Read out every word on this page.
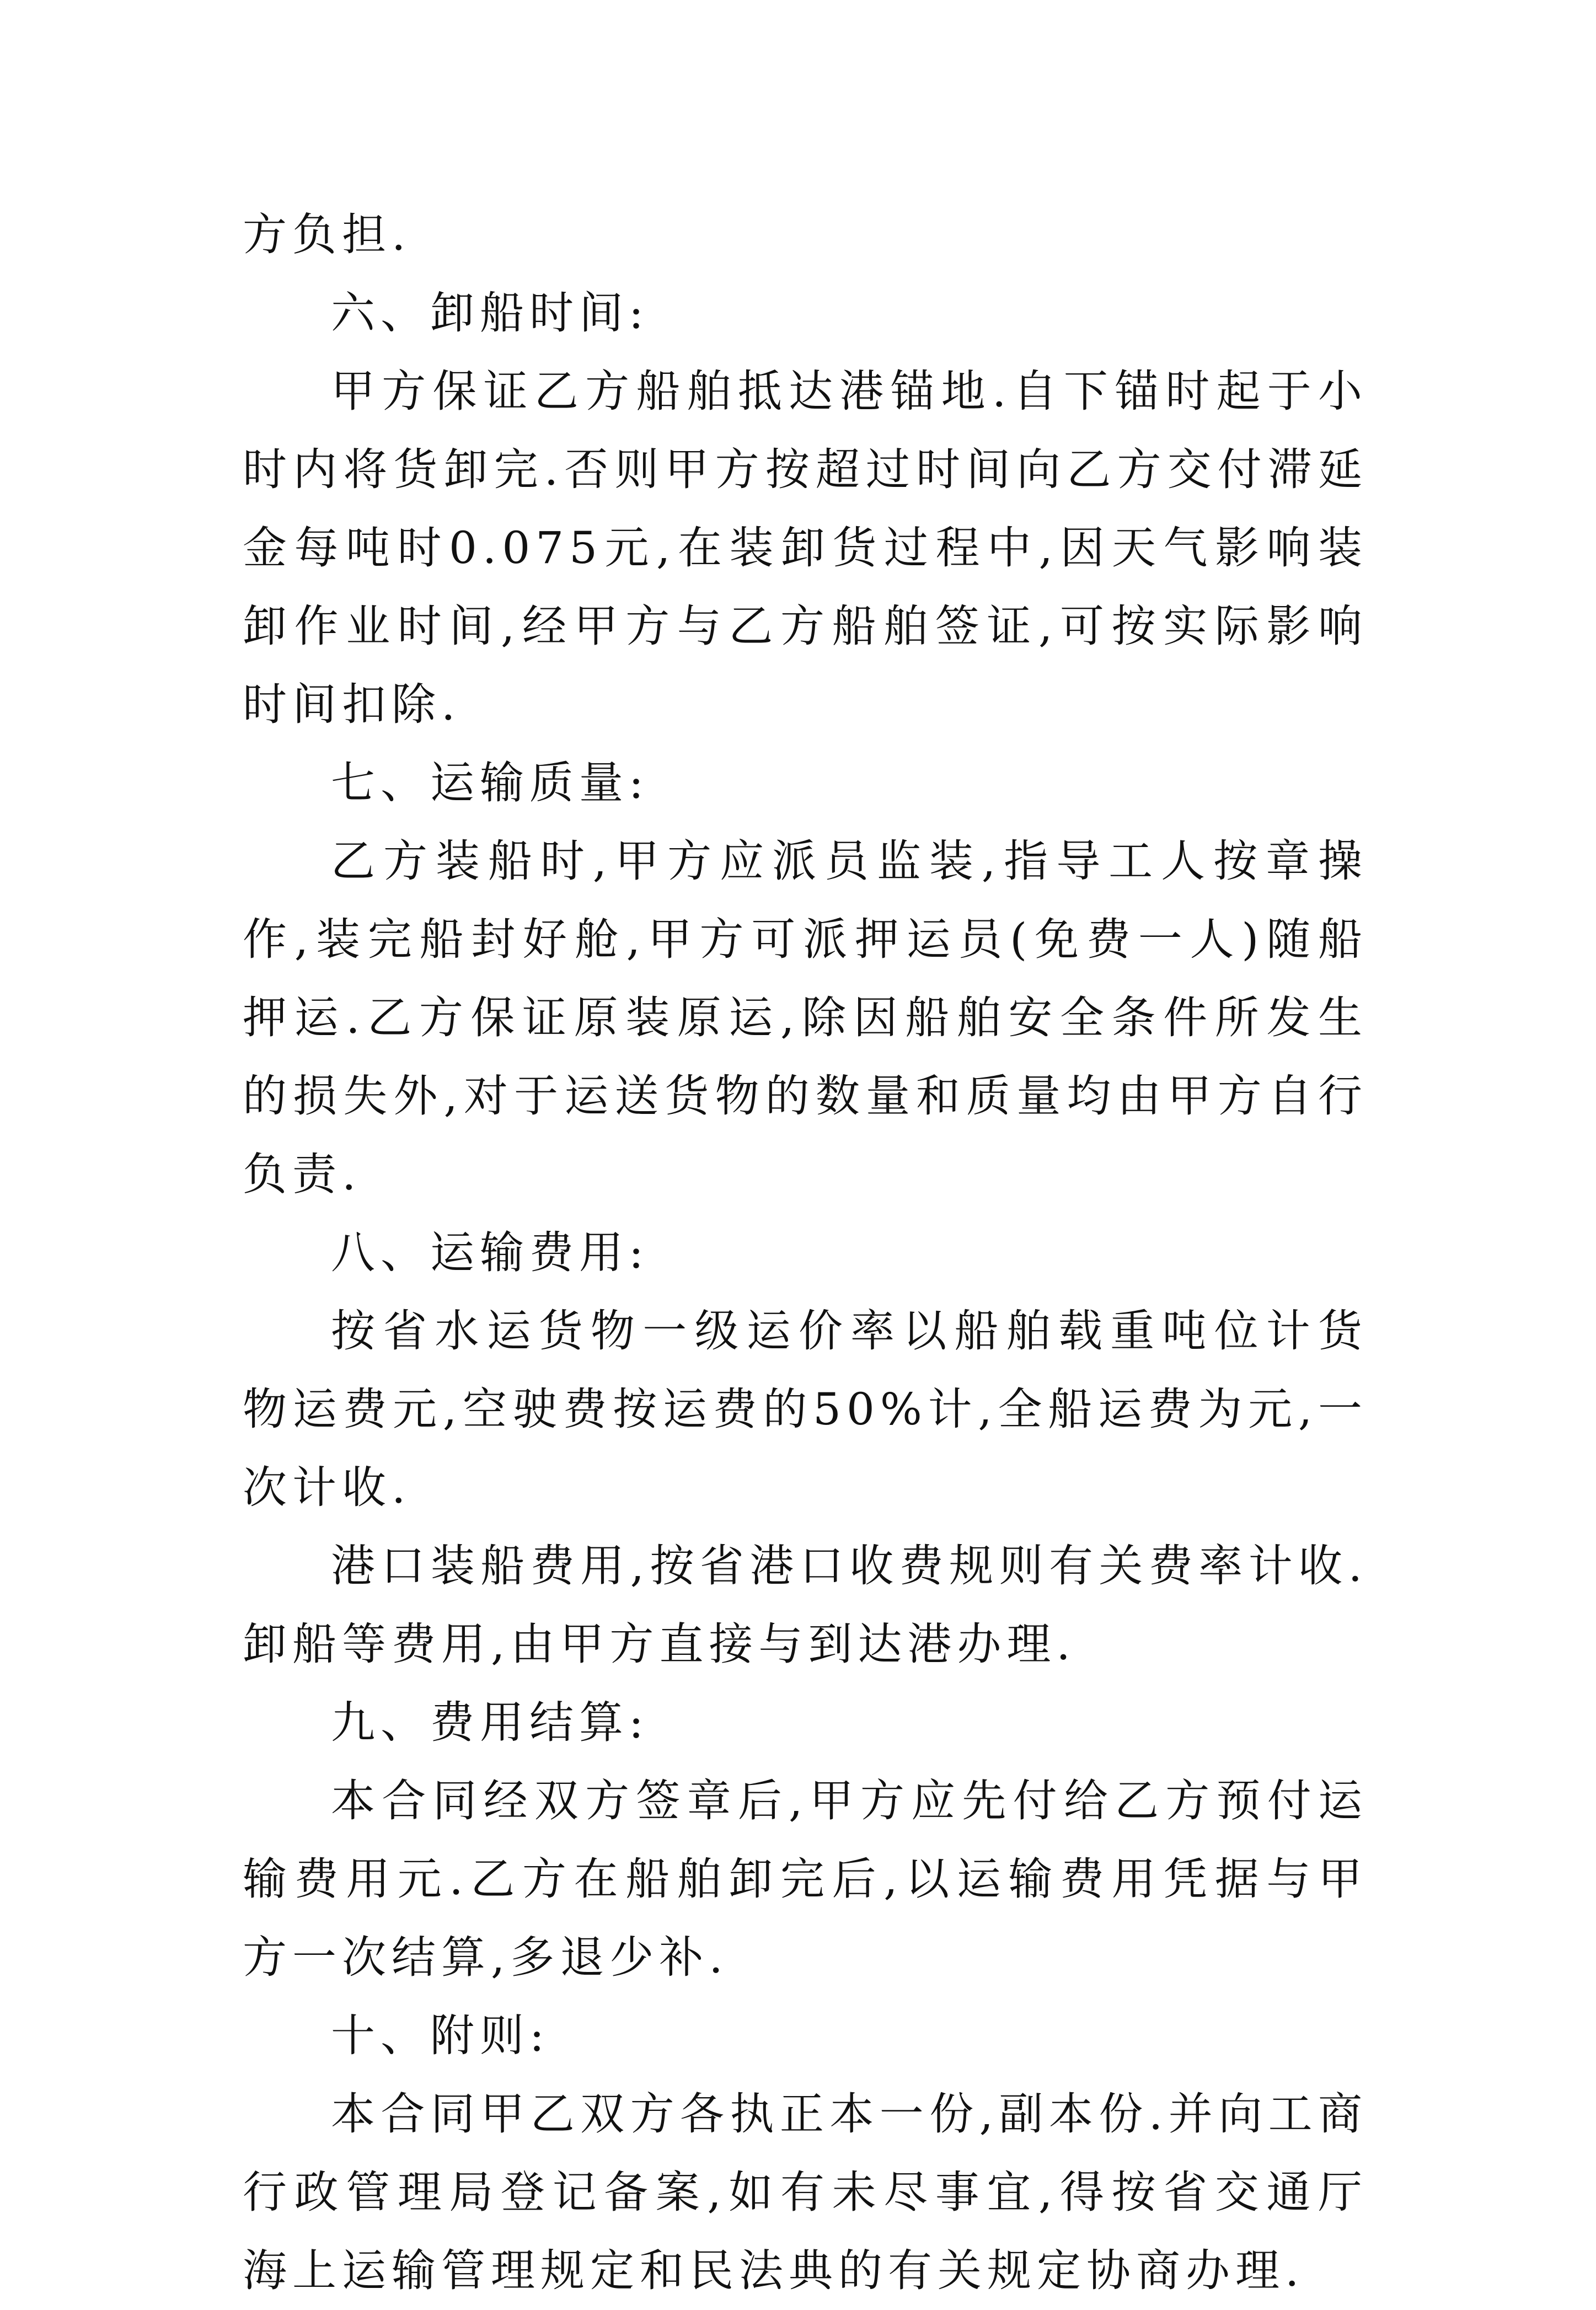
方负担.

六、卸船时间:

甲方保证乙方船舶抵达港锚地.自下锚时起于小时内将货卸完.否则甲方按超过时间向乙方交付滞延金每吨时0.075元,在装卸货过程中,因天气影响装卸作业时间,经甲方与乙方船舶签证,可按实际影响时间扣除.

七、运输质量:

乙方装船时,甲方应派员监装,指导工人按章操作,装完船封好舱,甲方可派押运员(免费一人)随船押运.乙方保证原装原运,除因船舶安全条件所发生的损失外,对于运送货物的数量和质量均由甲方自行负责.

八、运输费用:

按省水运货物一级运价率以船舶载重吨位计货物运费元,空驶费按运费的50%计,全船运费为元,一次计收.

港口装船费用,按省港口收费规则有关费率计收.卸船等费用,由甲方直接与到达港办理.

九、费用结算:

本合同经双方签章后,甲方应先付给乙方预付运输费用元.乙方在船舶卸完后,以运输费用凭据与甲方一次结算,多退少补.

十、附则:

本合同甲乙双方各执正本一份,副本份.并向工商行政管理局登记备案,如有未尽事宜,得按省交通厅海上运输管理规定和民法典的有关规定协商办理.
